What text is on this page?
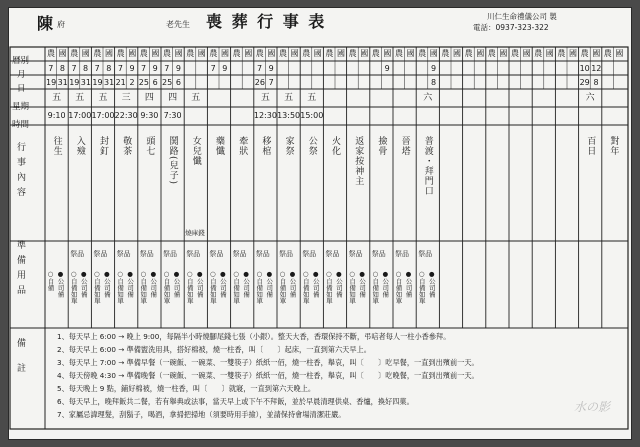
陳 府	老先生 喪 葬 行 事 表	川仁生命禮儀公司 製
電話：0937-323-322
曆別
月
日
星期
時間
行事內容
準備用品
備註
農 國
7 8
19 31
五
9:10
往生
○自備 ●公司備
農 國
7 8
19 31
五
17:00
入殮
祭品
○自備如單 ●公司備
農 國
7 8
19 31
五
17:00
封釘
祭品
○自備如單 ●公司備
農 國
7 9
21 2
三
22:30
敬茶
祭品
○自備如單 ●公司備
農 國
7 9
25 6
四
9:30
頭七
祭品
○自備如單 ●公司備
農 國
7 9
25 6
四
7:30
鬨路(兒子)
祭品
○自備如單 ●公司備
農 國
五
女兒懺
燒庫錢
祭品
○自備如單 ●公司備
農 國
7 9
藥懺
祭品
○自備如單 ●公司備
農 國
牽狀
祭品
○自備如單 ●公司備
農 國
7 9
26 7
五
12:30
移棺
祭品
○自備如單 ●公司備
農 國
五
13:50
家祭
祭品
○自備如單 ●公司備
農 國
五
15:00
公祭
祭品
○自備如單 ●公司備
農 國
火化
祭品
○自備如單 ●公司備
農 國
返家按神主
祭品
○自備如單 ●公司備
農 國
9
撿骨
祭品
○自備如單 ●公司備
農 國
晉塔
祭品
○自備如單 ●公司備
農 國
9
8
六
普渡・拜門口
祭品
○自備如單 ●公司備
農 國 農 國 農 國 農 國 農 國 農 國 農 國
10 12
29 8
六
百日
農 國
對年
1、每天早上 6:00 → 晚上 9:00，每隔半小時燒腳尾錢七張（小銀）。整天大香，香環保持不斷，弔唁者每人一柱小香參拜。
2、每天早上 6:00 → 準備盥洗用具，搭好棉被，燒一柱香，叫〔　　〕起床，一直到第六天早上。
3、每天早上 7:00 → 準備早餐（一碗飯、一碗菜、一雙筷子）紙紙一佰，燒一柱香，舉哀，叫〔　　〕吃早餐，一直到出殯前一天。
4、每天傍晚 4:30 → 準備晚餐（一碗飯、一碗菜、一雙筷子）紙紙一佰，燒一柱香，舉哀，叫〔　　〕吃晚餐，一直到出殯前一天。
5、每天晚上 9 點，鋪好棉被，燒一柱香，叫〔　　〕就寢，一直到第六天晚上。
6、每天早上，晚拜飯共二餐，若有舉典或法事，當天早上或下午不拜飯，並於早晨清理供桌、香爐，換好四菓。
7、家屬忌諱理髮，刮鬍子，喝酒，拿掃把掃地（須要時用手撿），並請保持會場清潔莊嚴。
水の影
